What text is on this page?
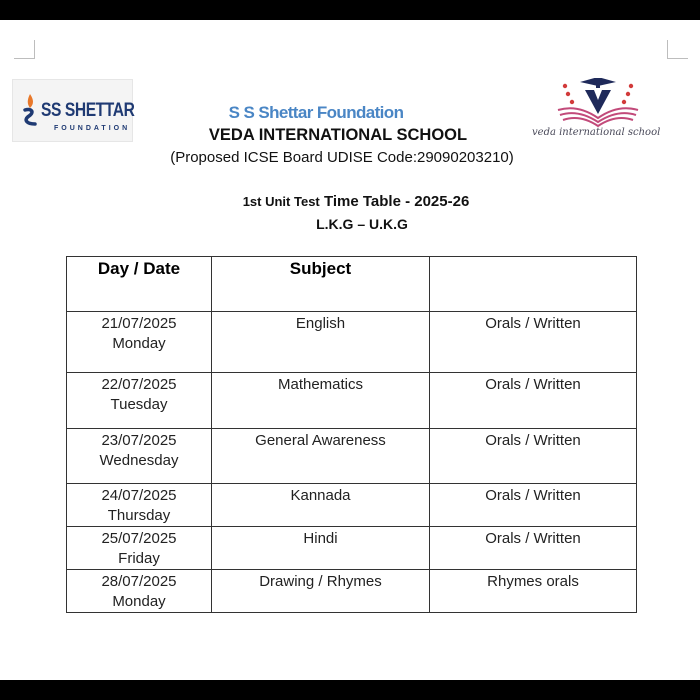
SS SHETTAR
FOUNDATION	veda international school
S S Shettar Foundation
VEDA INTERNATIONAL SCHOOL
(Proposed ICSE Board UDISE Code:29090203210)
1st Unit Test Time Table - 2025-26
L.K.G – U.K.G
Day / Date	Subject	
21/07/2025
Monday	English	Orals / Written
22/07/2025
Tuesday	Mathematics	Orals / Written
23/07/2025
Wednesday	General Awareness	Orals / Written
24/07/2025
Thursday	Kannada	Orals / Written
25/07/2025
Friday	Hindi	Orals / Written
28/07/2025
Monday	Drawing / Rhymes	Rhymes orals
